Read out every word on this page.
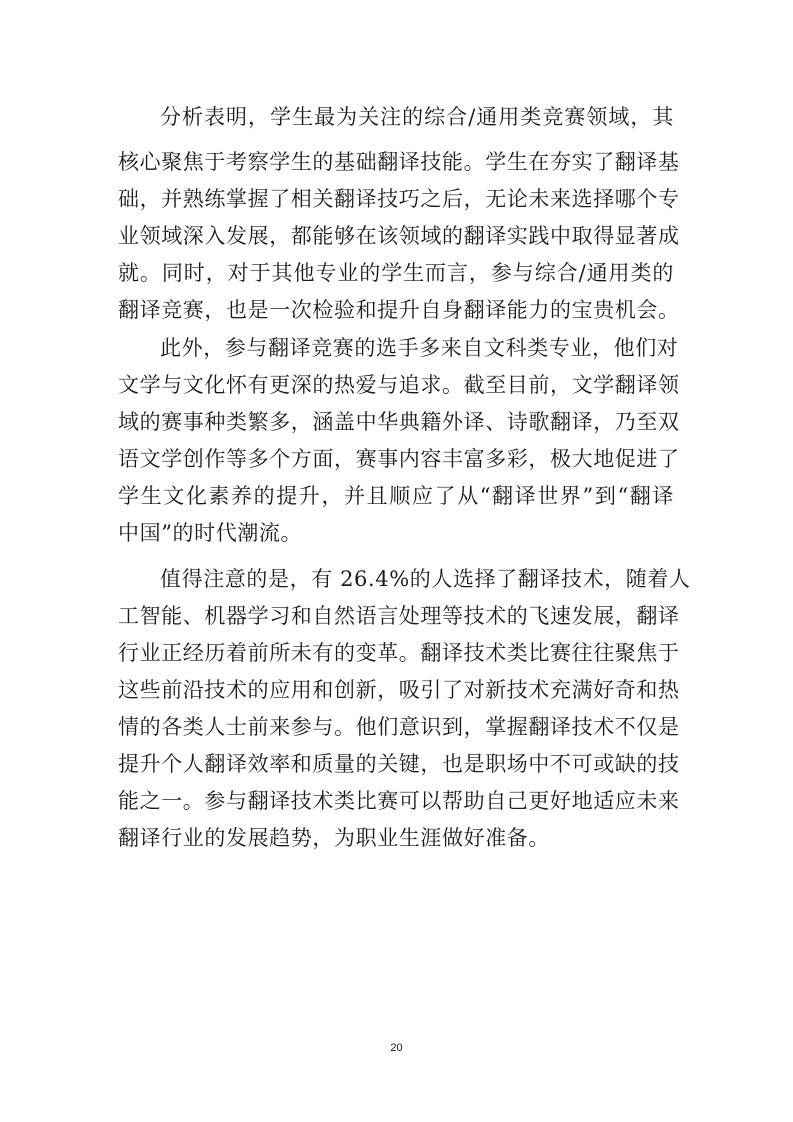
分析表明，学生最为关注的综合/通用类竞赛领域，其
核心聚焦于考察学生的基础翻译技能。学生在夯实了翻译基
础，并熟练掌握了相关翻译技巧之后，无论未来选择哪个专
业领域深入发展，都能够在该领域的翻译实践中取得显著成
就。同时，对于其他专业的学生而言，参与综合/通用类的
翻译竞赛，也是一次检验和提升自身翻译能力的宝贵机会。
此外，参与翻译竞赛的选手多来自文科类专业，他们对
文学与文化怀有更深的热爱与追求。截至目前，文学翻译领
域的赛事种类繁多，涵盖中华典籍外译、诗歌翻译，乃至双
语文学创作等多个方面，赛事内容丰富多彩，极大地促进了
学生文化素养的提升，并且顺应了从“翻译世界”到“翻译
中国”的时代潮流。
值得注意的是，有 26.4%的人选择了翻译技术，随着人
工智能、机器学习和自然语言处理等技术的飞速发展，翻译
行业正经历着前所未有的变革。翻译技术类比赛往往聚焦于
这些前沿技术的应用和创新，吸引了对新技术充满好奇和热
情的各类人士前来参与。他们意识到，掌握翻译技术不仅是
提升个人翻译效率和质量的关键，也是职场中不可或缺的技
能之一。参与翻译技术类比赛可以帮助自己更好地适应未来
翻译行业的发展趋势，为职业生涯做好准备。
20
